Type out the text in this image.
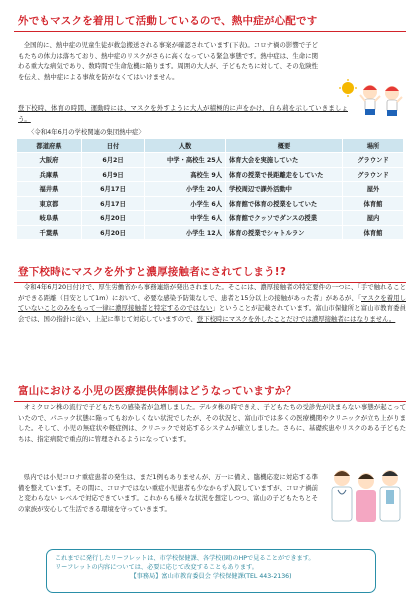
外でもマスクを着用して活動しているので、熱中症が心配です

全国的に、熱中症の児童生徒が救急搬送される事案が確認されています(下表)。コロナ禍の影響で子どもたちの体力は落ちており、熱中症のリスクがさらに高くなっている緊急事態です。熱中症は、生命に関わる重大な病気であり、数時間で生命危機に陥ります。周囲の大人が、子どもたちに対して、その危険性を伝え、熱中症による事故を防がなくてはいけません。

登下校時、体育の時間、運動時には、マスクを外すように大人が積極的に声をかけ、自ら莉を示していきましょう。

〈令和4年6月の学校関連の集団熱中症〉
都道府県	日付	人数	概要	場所
大阪府	6月2日	中学・高校生 25人	体育大会を実施していた	グラウンド
兵庫県	6月9日	高校生 9人	体育の授業で長距離走をしていた	グラウンド
福井県	6月17日	小学生 20人	学校周辺で課外活動中	屋外
東京都	6月17日	小学生 6人	体育館で体育の授業をしていた	体育館
岐阜県	6月20日	中学生 6人	体育館でクッソでダンスの授業	屋内
千葉県	6月20日	小学生 12人	体育の授業でシャトルラン	体育館
登下校時にマスクを外すと濃厚接触者にされてしまう!?

令和4年6月20日付けで、厚生労働省から事務連絡が発出されました。そこには、濃厚接触者の特定要件の一つに、「手で触れることができる距離（目安として1m）において、必要な感染予防策なしで、患者と15分以上の接触があった者」があるが、「マスクを着用していないことのみをもって一律に濃厚接触者と特定するのではない」ということが記載されています。富山市保健所と富山市教育委員会では、国の指針に従い、上記に準じて対応していますので、登下校時にマスクを外したことだけでは濃厚接触者にはなりません。

富山における小児の医療提供体制はどうなっていますか？

オミクロン株の流行で子どもたちの感染者が急増しました。デルタ株の時できえ、子どもたちの受診先が決まらない事態が起こっていたので、パニック状態に陥ってもおかしくない状況でしたが、その状況と、富山市では多くの医療機関やクリニックが立ち上がりました。そして、小児の無症状や軽症例は、クリニックで対応するシステムが確立しました。さらに、基礎疾患やリスクのある子どもたちは、指定病院で重点的に管理されるようになっています。

県内では小児コロナ重症患者の発生は、まだ1例もありませんが、万一に備え、臨機応変に対応する準備を整えています。その間に、コロナではない重症小児患者も少なからず入院していますが、コロナ禍前と変わらない レベルで対応できています。これからも様々な状況を想定しつつ、富山の子どもたちとその家族が安心して生活できる環境を守っていきます。

これまでに発行したリーフレットは、市学校保健課、各学校(園)のHPで見ることができます。
リーフレットの内容については、必要に応じて改変することもあります。
【事務局】富山市教育委員会 学校保健課(TEL 443-2136)
